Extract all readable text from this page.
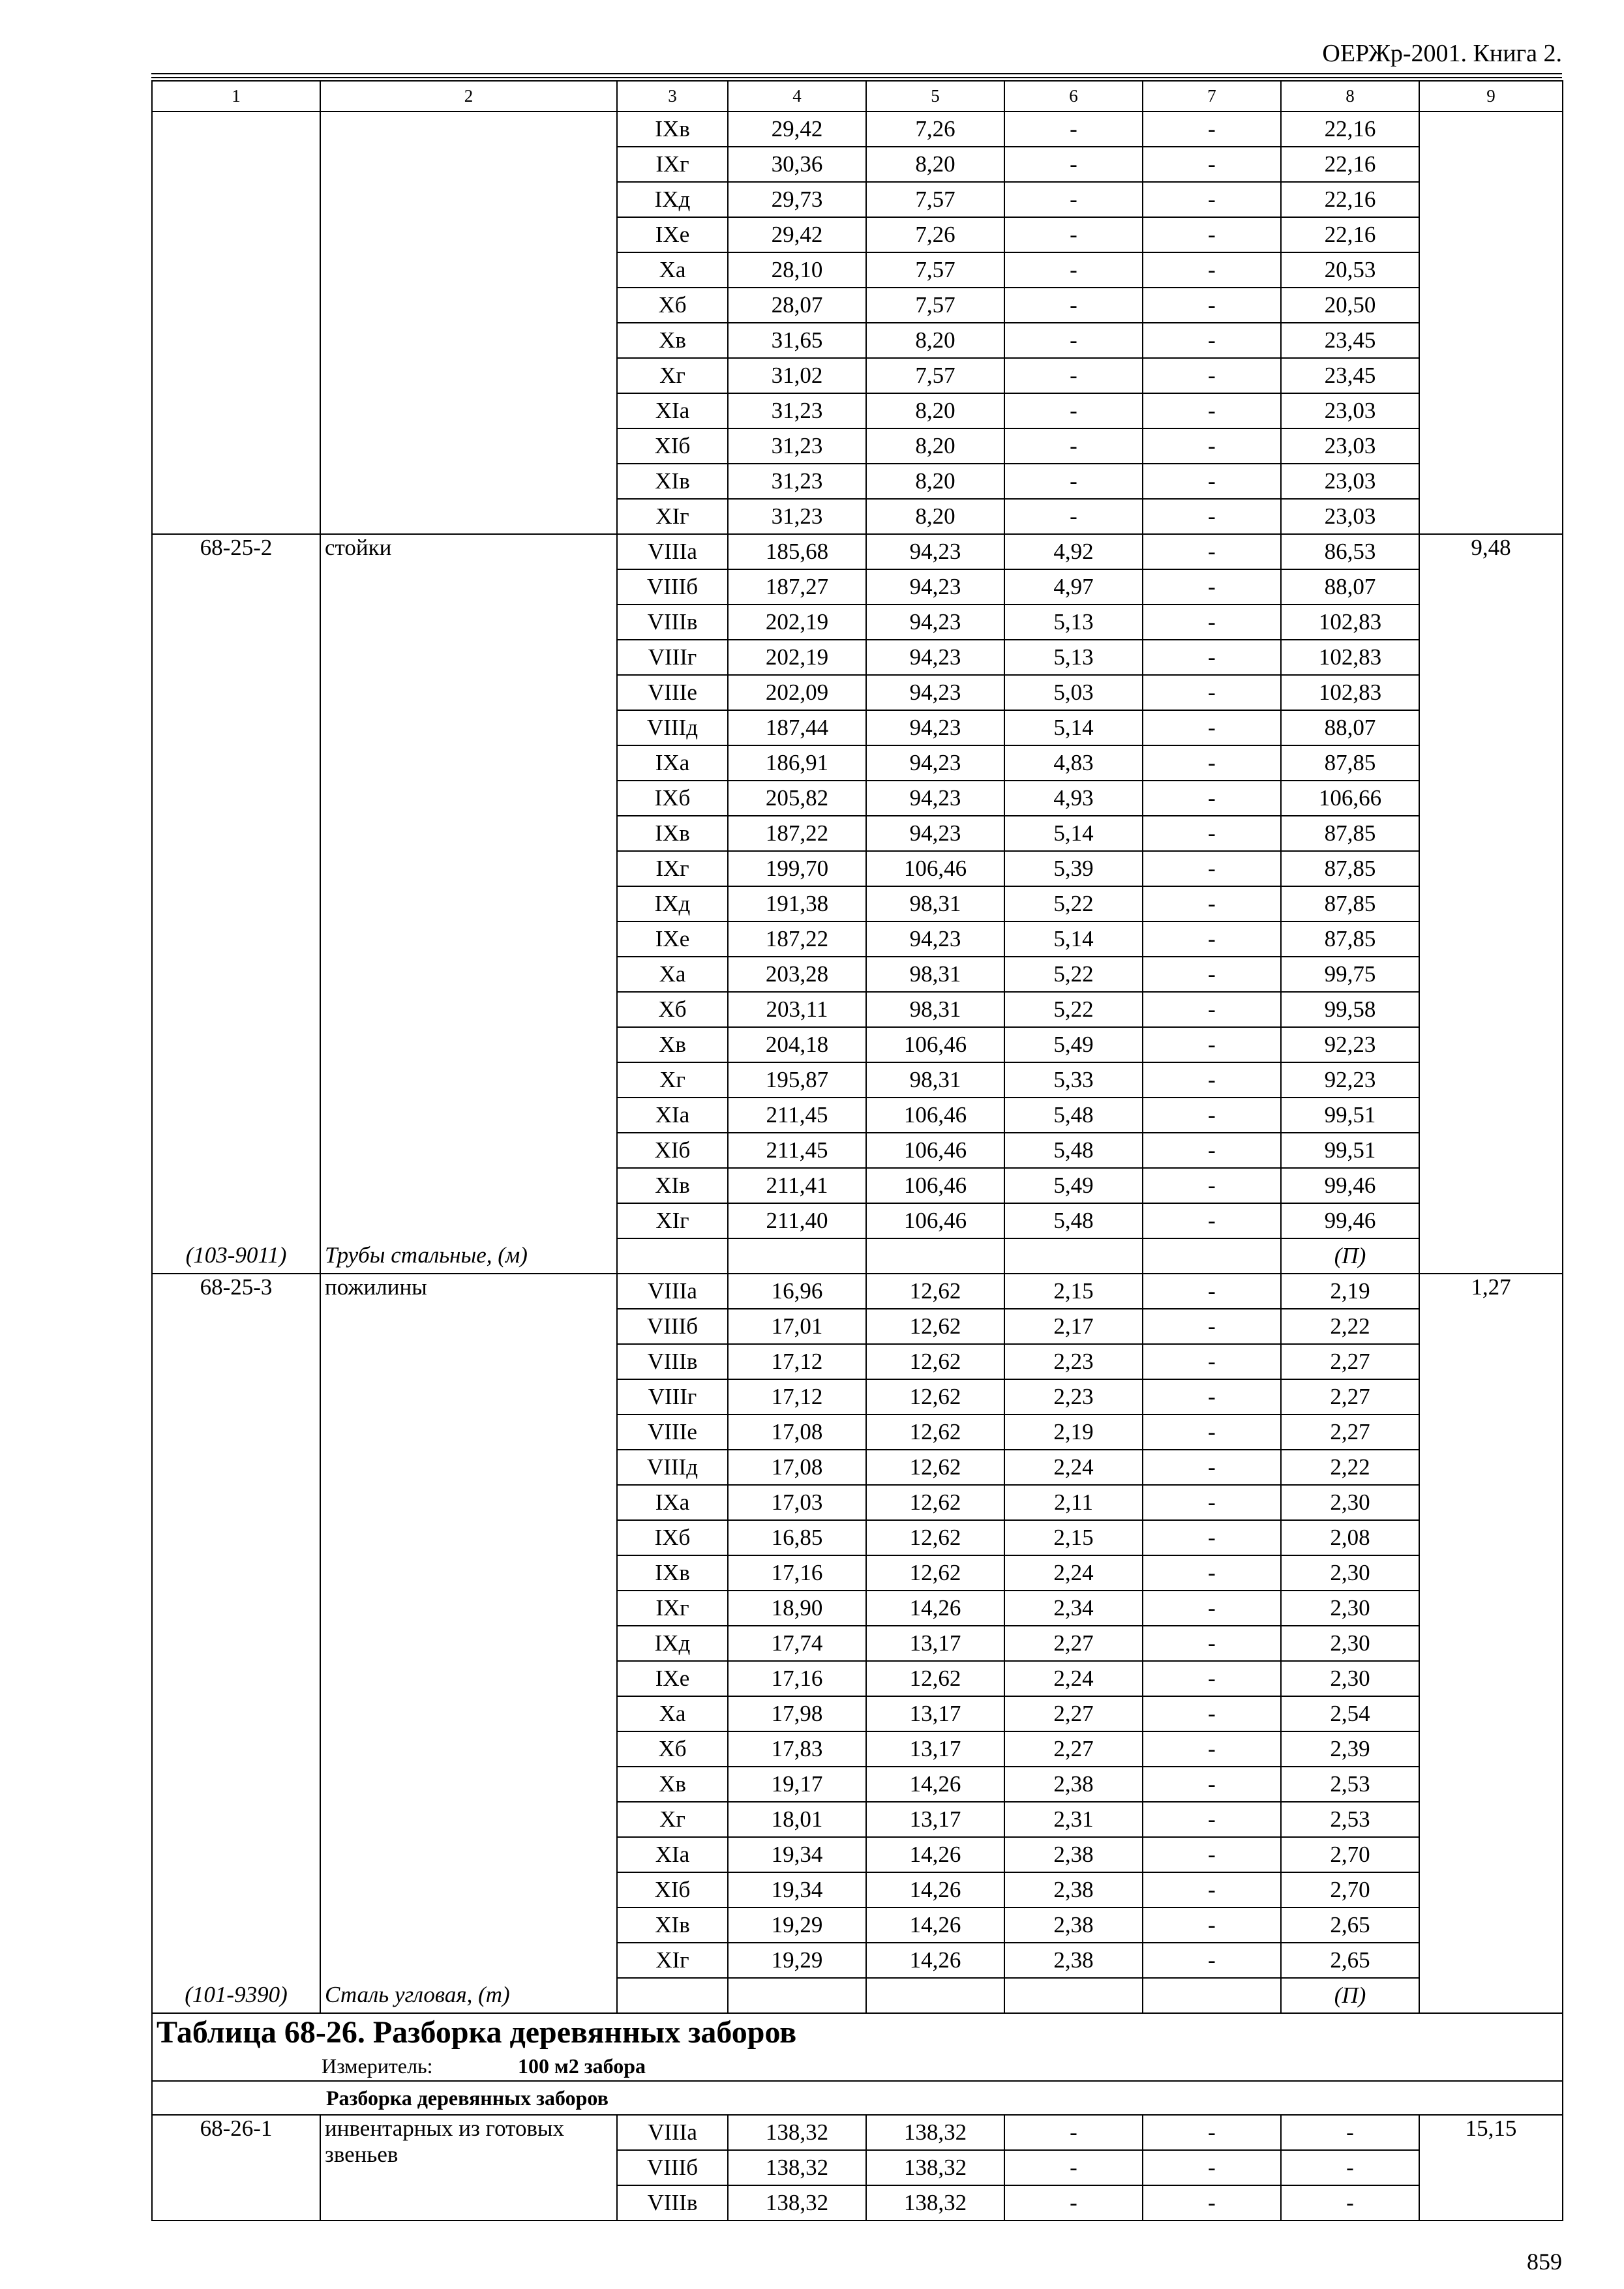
ОЕРЖр-2001. Книга 2.
1	2	3	4	5	6	7	8	9
		IXв	29,42	7,26	-	-	22,16	
		IXг	30,36	8,20	-	-	22,16	
		IXд	29,73	7,57	-	-	22,16	
		IXе	29,42	7,26	-	-	22,16	
		Xа	28,10	7,57	-	-	20,53	
		Xб	28,07	7,57	-	-	20,50	
		Xв	31,65	8,20	-	-	23,45	
		Xг	31,02	7,57	-	-	23,45	
		XIа	31,23	8,20	-	-	23,03	
		XIб	31,23	8,20	-	-	23,03	
		XIв	31,23	8,20	-	-	23,03	
		XIг	31,23	8,20	-	-	23,03	
68-25-2	стойки	VIIIа	185,68	94,23	4,92	-	86,53	9,48
		VIIIб	187,27	94,23	4,97	-	88,07	
		VIIIв	202,19	94,23	5,13	-	102,83	
		VIIIг	202,19	94,23	5,13	-	102,83	
		VIIIе	202,09	94,23	5,03	-	102,83	
		VIIIд	187,44	94,23	5,14	-	88,07	
		IXа	186,91	94,23	4,83	-	87,85	
		IXб	205,82	94,23	4,93	-	106,66	
		IXв	187,22	94,23	5,14	-	87,85	
		IXг	199,70	106,46	5,39	-	87,85	
		IXд	191,38	98,31	5,22	-	87,85	
		IXе	187,22	94,23	5,14	-	87,85	
		Xа	203,28	98,31	5,22	-	99,75	
		Xб	203,11	98,31	5,22	-	99,58	
		Xв	204,18	106,46	5,49	-	92,23	
		Xг	195,87	98,31	5,33	-	92,23	
		XIа	211,45	106,46	5,48	-	99,51	
		XIб	211,45	106,46	5,48	-	99,51	
		XIв	211,41	106,46	5,49	-	99,46	
		XIг	211,40	106,46	5,48	-	99,46	
(103-9011)	Трубы стальные, (м)						(П)	
68-25-3	пожилины	VIIIа	16,96	12,62	2,15	-	2,19	1,27
		VIIIб	17,01	12,62	2,17	-	2,22	
		VIIIв	17,12	12,62	2,23	-	2,27	
		VIIIг	17,12	12,62	2,23	-	2,27	
		VIIIе	17,08	12,62	2,19	-	2,27	
		VIIIд	17,08	12,62	2,24	-	2,22	
		IXа	17,03	12,62	2,11	-	2,30	
		IXб	16,85	12,62	2,15	-	2,08	
		IXв	17,16	12,62	2,24	-	2,30	
		IXг	18,90	14,26	2,34	-	2,30	
		IXд	17,74	13,17	2,27	-	2,30	
		IXе	17,16	12,62	2,24	-	2,30	
		Xа	17,98	13,17	2,27	-	2,54	
		Xб	17,83	13,17	2,27	-	2,39	
		Xв	19,17	14,26	2,38	-	2,53	
		Xг	18,01	13,17	2,31	-	2,53	
		XIа	19,34	14,26	2,38	-	2,70	
		XIб	19,34	14,26	2,38	-	2,70	
		XIв	19,29	14,26	2,38	-	2,65	
		XIг	19,29	14,26	2,38	-	2,65	
(101-9390)	Сталь угловая, (т)						(П)	
Таблица 68-26. Разборка деревянных заборов								
Измеритель: 100 м2 забора								
Разборка деревянных заборов								
68-26-1	инвентарных из готовых звеньев	VIIIа	138,32	138,32	-	-	-	15,15
		VIIIб	138,32	138,32	-	-	-	
		VIIIв	138,32	138,32	-	-	-	
859
